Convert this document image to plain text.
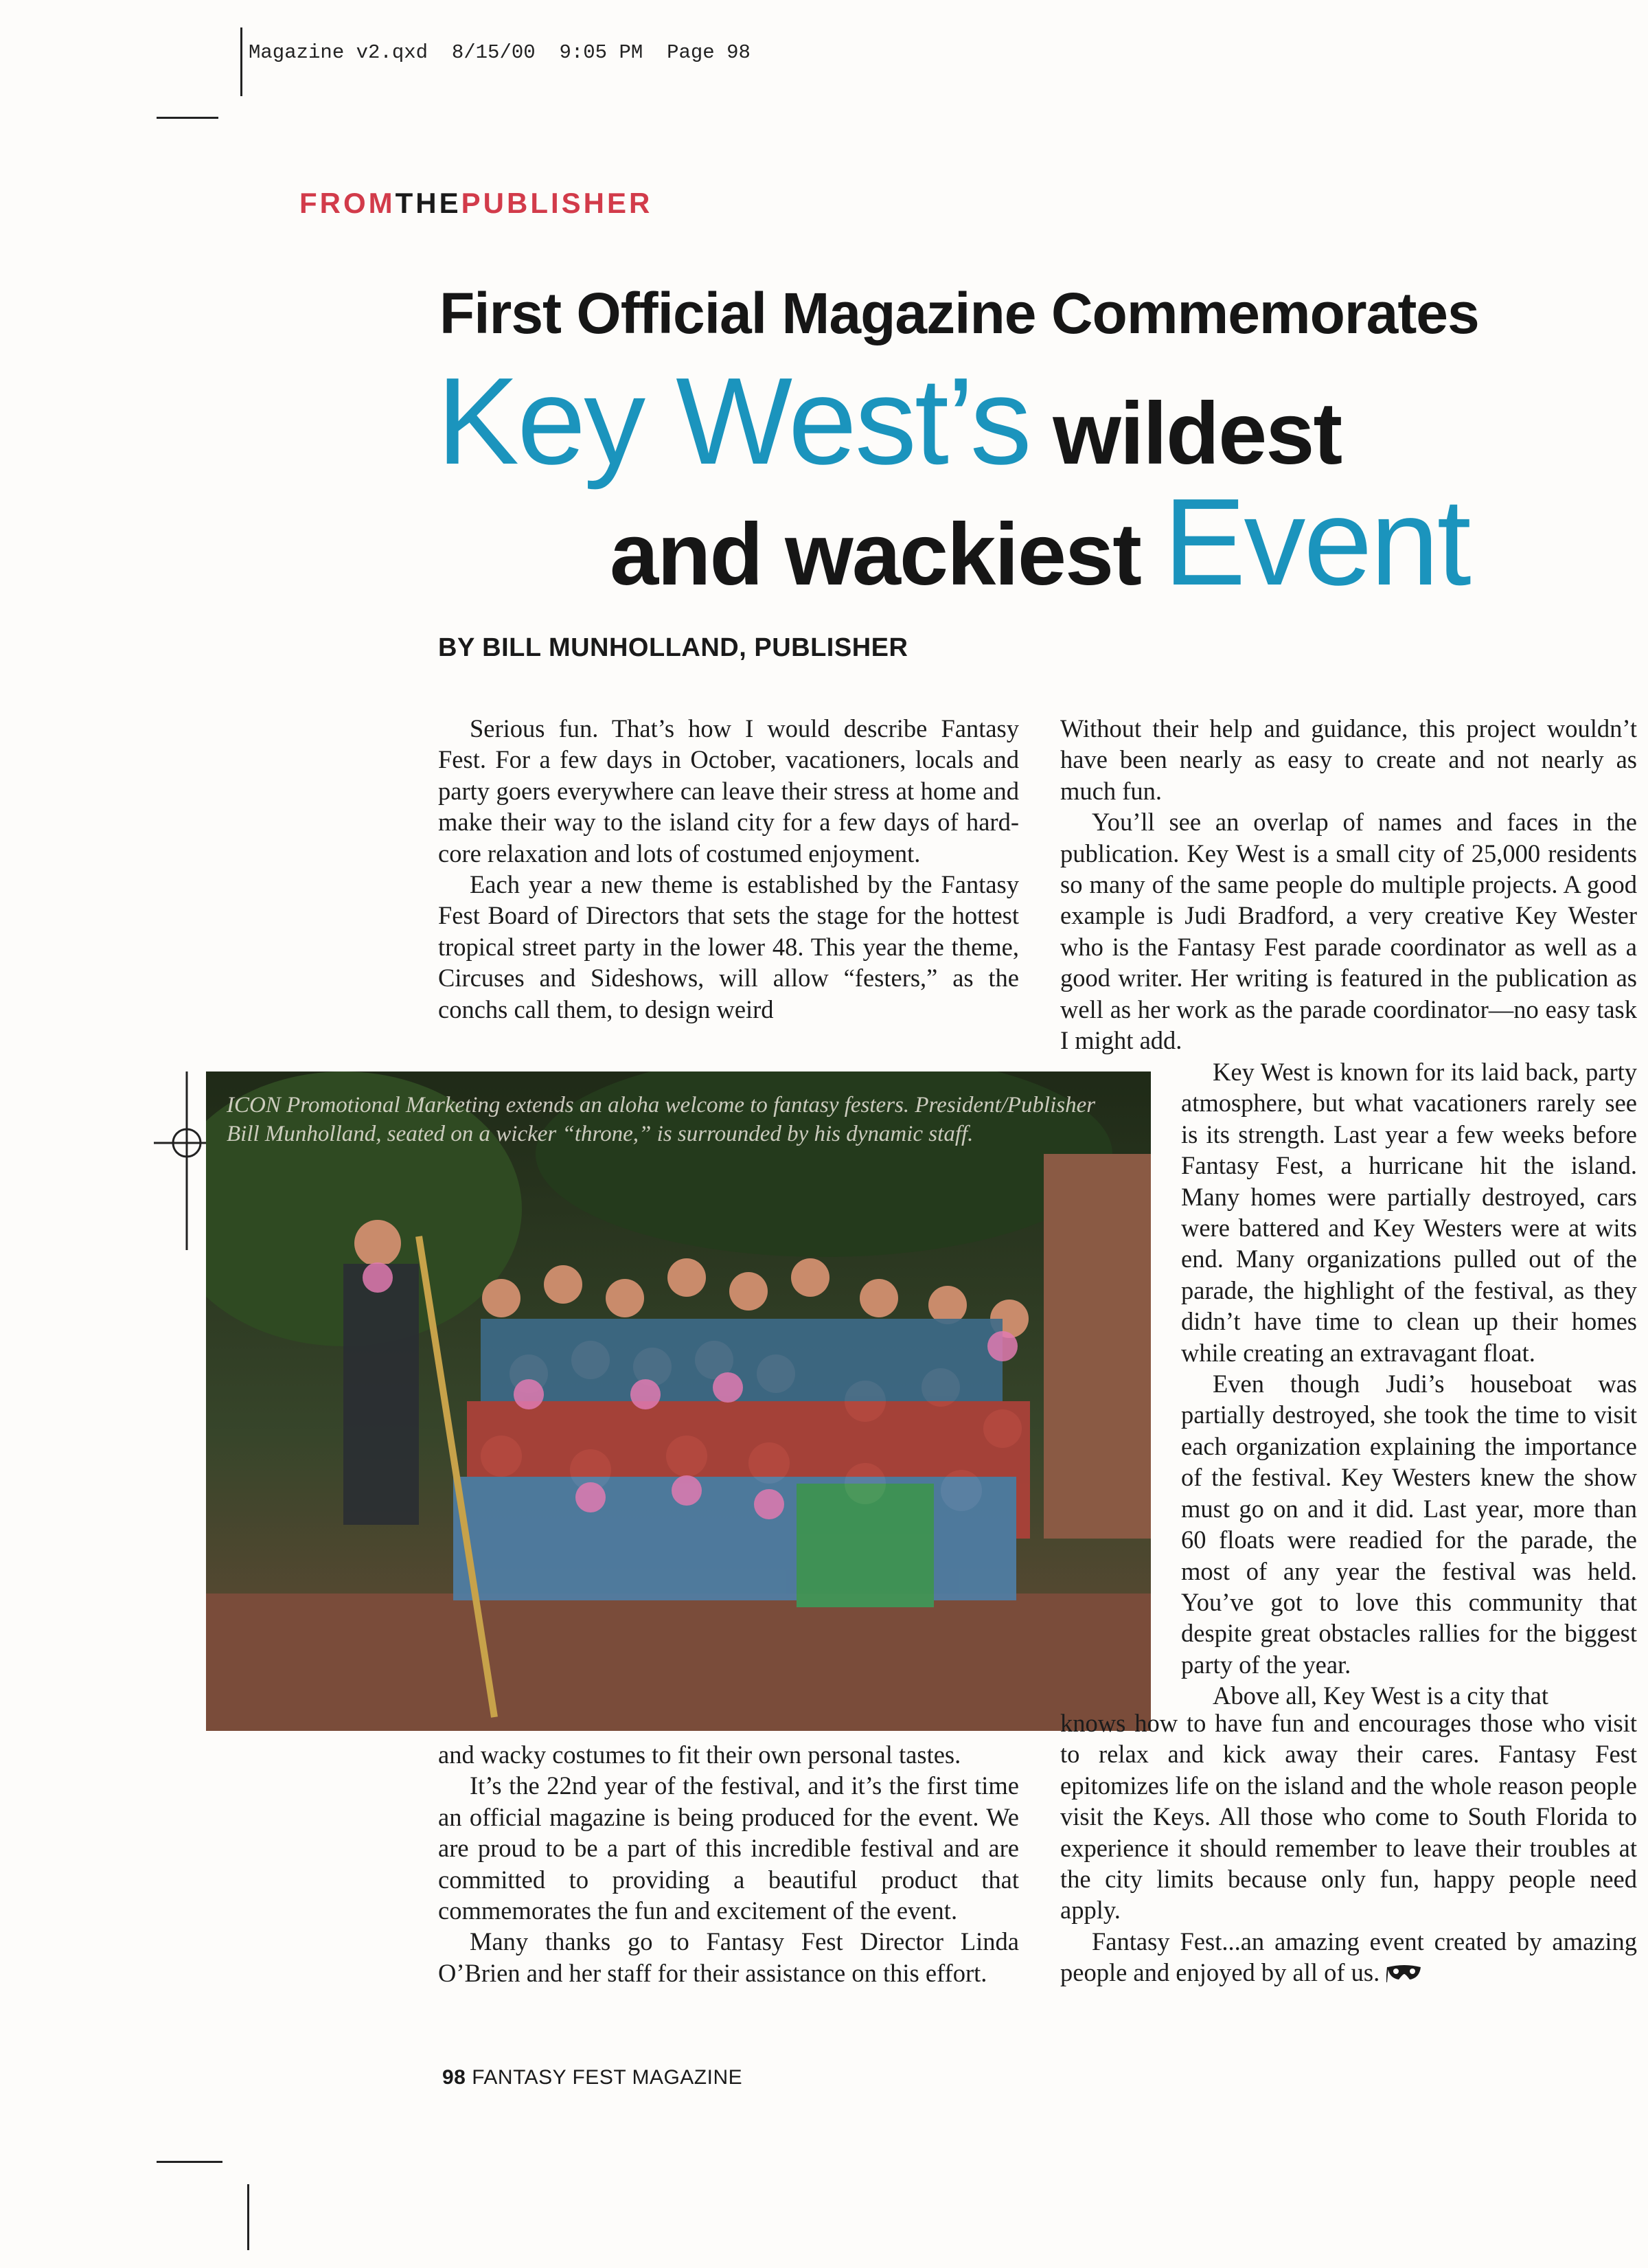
Magazine v2.qxd  8/15/00  9:05 PM  Page 98
FROMTHEPUBLISHER
First Official Magazine Commemorates
Key West’s wildest
and wackiest Event
BY BILL MUNHOLLAND, PUBLISHER

Serious fun. That’s how I would describe Fantasy Fest. For a few days in October, vacationers, locals and party goers everywhere can leave their stress at home and make their way to the island city for a few days of hard-core relaxation and lots of costumed enjoyment.

Each year a new theme is established by the Fantasy Fest Board of Directors that sets the stage for the hottest tropical street party in the lower 48. This year the theme, Circuses and Sideshows, will allow “festers,” as the conchs call them, to design weird

ICON Promotional Marketing extends an aloha welcome to fantasy festers. President/Publisher Bill Munholland, seated on a wicker “throne,” is surrounded by his dynamic staff.

and wacky costumes to fit their own personal tastes.

It’s the 22nd year of the festival, and it’s the first time an official magazine is being produced for the event. We are proud to be a part of this incredible festival and are committed to providing a beautiful product that commemorates the fun and excitement of the event.

Many thanks go to Fantasy Fest Director Linda O’Brien and her staff for their assistance on this effort.

Without their help and guidance, this project wouldn’t have been nearly as easy to create and not nearly as much fun.

You’ll see an overlap of names and faces in the publication. Key West is a small city of 25,000 residents so many of the same people do multiple projects. A good example is Judi Bradford, a very creative Key Wester who is the Fantasy Fest parade coordinator as well as a good writer. Her writing is featured in the publication as well as her work as the parade coordinator—no easy task I might add.

Key West is known for its laid back, party atmosphere, but what vacationers rarely see is its strength. Last year a few weeks before Fantasy Fest, a hurricane hit the island. Many homes were partially destroyed, cars were battered and Key Westers were at wits end. Many organizations pulled out of the parade, the highlight of the festival, as they didn’t have time to clean up their homes while creating an extravagant float.

Even though Judi’s houseboat was partially destroyed, she took the time to visit each organization explaining the importance of the festival. Key Westers knew the show must go on and it did. Last year, more than 60 floats were readied for the parade, the most of any year the festival was held. You’ve got to love this community that despite great obstacles rallies for the biggest party of the year.

Above all, Key West is a city that

knows how to have fun and encourages those who visit to relax and kick away their cares. Fantasy Fest epitomizes life on the island and the whole reason people visit the Keys. All those who come to South Florida to experience it should remember to leave their troubles at the city limits because only fun, happy people need apply.

Fantasy Fest...an amazing event created by amazing people and enjoyed by all of us.

98 FANTASY FEST MAGAZINE
